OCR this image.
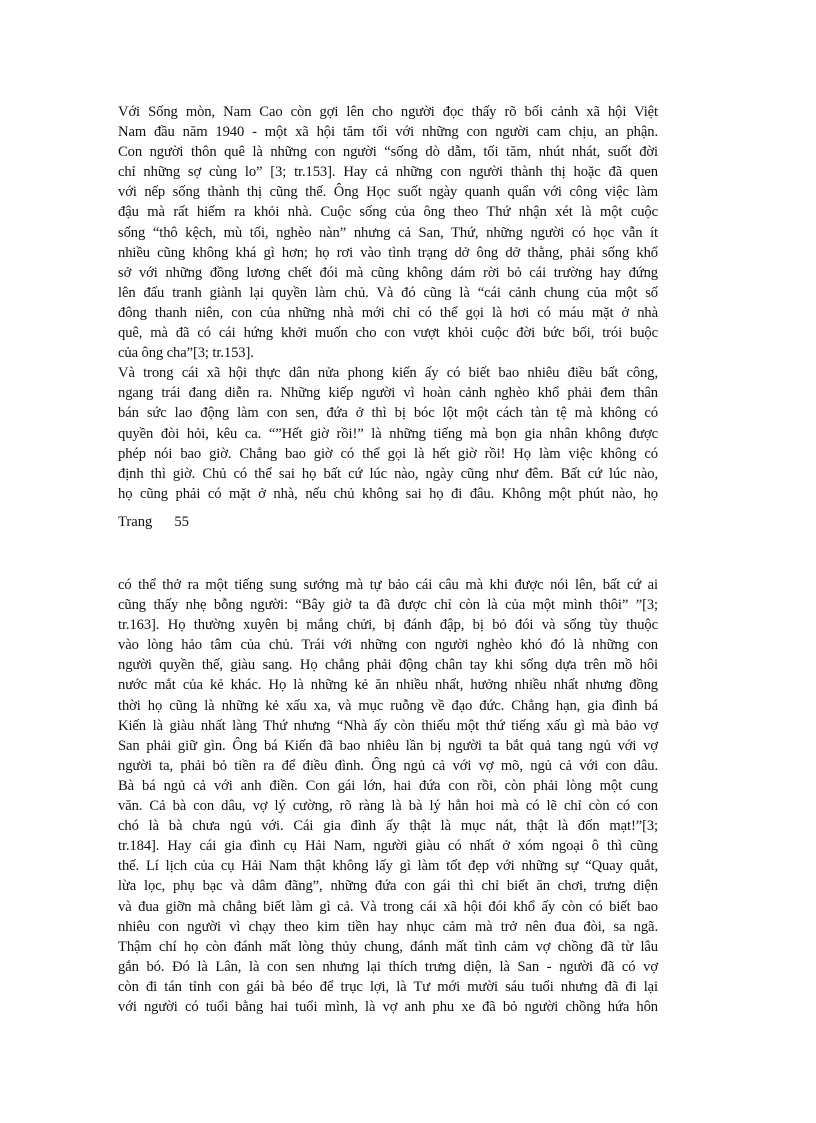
Với Sống mòn, Nam Cao còn gợi lên cho người đọc thấy rõ bối cảnh xã hội Việt
Nam đầu năm 1940 - một xã hội tăm tối với những con người cam chịu, an phận.
Con người thôn quê là những con người “sống dò dẫm, tối tăm, nhút nhát, suốt đời
chỉ những sợ cùng lo” [3; tr.153]. Hay cả những con người thành thị hoặc đã quen
với nếp sống thành thị cũng thế. Ông Học suốt ngày quanh quẩn với công việc làm
đậu mà rất hiếm ra khỏi nhà. Cuộc sống của ông theo Thứ nhận xét là một cuộc
sống “thô kệch, mù tối, nghèo nàn” nhưng cả San, Thứ, những người có học vẫn ít
nhiều cũng không khá gì hơn; họ rơi vào tình trạng dở ông dở thằng, phải sống khổ
sở với những đồng lương chết đói mà cũng không dám rời bỏ cái trường hay đứng
lên đấu tranh giành lại quyền làm chủ. Và đó cũng là “cái cảnh chung của một số
đông thanh niên, con của những nhà mới chỉ có thể gọi là hơi có máu mặt ở nhà
quê, mà đã có cái hứng khởi muốn cho con vượt khỏi cuộc đời bức bối, trói buộc
của ông cha”[3; tr.153].
Và trong cái xã hội thực dân nửa phong kiến ấy có biết bao nhiêu điều bất công,
ngang trái đang diễn ra. Những kiếp người vì hoàn cảnh nghèo khổ phải đem thân
bán sức lao động làm con sen, đứa ở thì bị bóc lột một cách tàn tệ mà không có
quyền đòi hỏi, kêu ca. “”Hết giờ rồi!” là những tiếng mà bọn gia nhân không được
phép nói bao giờ. Chẳng bao giờ có thể gọi là hết giờ rồi! Họ làm việc không có
định thì giờ. Chủ có thể sai họ bất cứ lúc nào, ngày cũng như đêm. Bất cứ lúc nào,
họ cũng phải có mặt ở nhà, nếu chủ không sai họ đi đâu. Không một phút nào, họ
Trang 55
có thể thở ra một tiếng sung sướng mà tự bảo cái câu mà khi được nói lên, bất cứ ai
cũng thấy nhẹ bỗng người: “Bây giờ ta đã được chỉ còn là của một mình thôi” ”[3;
tr.163]. Họ thường xuyên bị mắng chửi, bị đánh đập, bị bỏ đói và sống tùy thuộc
vào lòng hảo tâm của chủ. Trái với những con người nghèo khó đó là những con
người quyền thế, giàu sang. Họ chẳng phải động chân tay khi sống dựa trên mồ hôi
nước mắt của kẻ khác. Họ là những kẻ ăn nhiều nhất, hưởng nhiều nhất nhưng đồng
thời họ cũng là những kẻ xấu xa, và mục ruỗng về đạo đức. Chẳng hạn, gia đình bá
Kiến là giàu nhất làng Thứ nhưng “Nhà ấy còn thiếu một thứ tiếng xấu gì mà bảo vợ
San phải giữ gìn. Ông bá Kiến đã bao nhiêu lần bị người ta bắt quả tang ngủ với vợ
người ta, phải bỏ tiền ra để điều đình. Ông ngủ cả với vợ mõ, ngủ cả với con dâu.
Bà bá ngủ cả với anh điền. Con gái lớn, hai đứa con rồi, còn phải lòng một cung
văn. Cả bà con dâu, vợ lý cường, rõ ràng là bà lý hẳn hoi mà có lẽ chỉ còn có con
chó là bà chưa ngủ với. Cái gia đình ấy thật là mục nát, thật là đốn mạt!”[3;
tr.184]. Hay cái gia đình cụ Hải Nam, người giàu có nhất ở xóm ngoại ô thì cũng
thế. Lí lịch của cụ Hải Nam thật không lấy gì làm tốt đẹp với những sự “Quay quắt,
lừa lọc, phụ bạc và dâm đãng”, những đứa con gái thì chỉ biết ăn chơi, trưng diện
và đua giỡn mà chẳng biết làm gì cả. Và trong cái xã hội đói khổ ấy còn có biết bao
nhiêu con người vì chạy theo kim tiền hay nhục cảm mà trở nên đua đòi, sa ngã.
Thậm chí họ còn đánh mất lòng thủy chung, đánh mất tình cảm vợ chồng đã từ lâu
gắn bó. Đó là Lân, là con sen nhưng lại thích trưng diện, là San - người đã có vợ
còn đi tán tỉnh con gái bà béo để trục lợi, là Tư mới mười sáu tuổi nhưng đã đi lại
với người có tuổi bằng hai tuổi mình, là vợ anh phu xe đã bỏ người chồng hứa hôn
